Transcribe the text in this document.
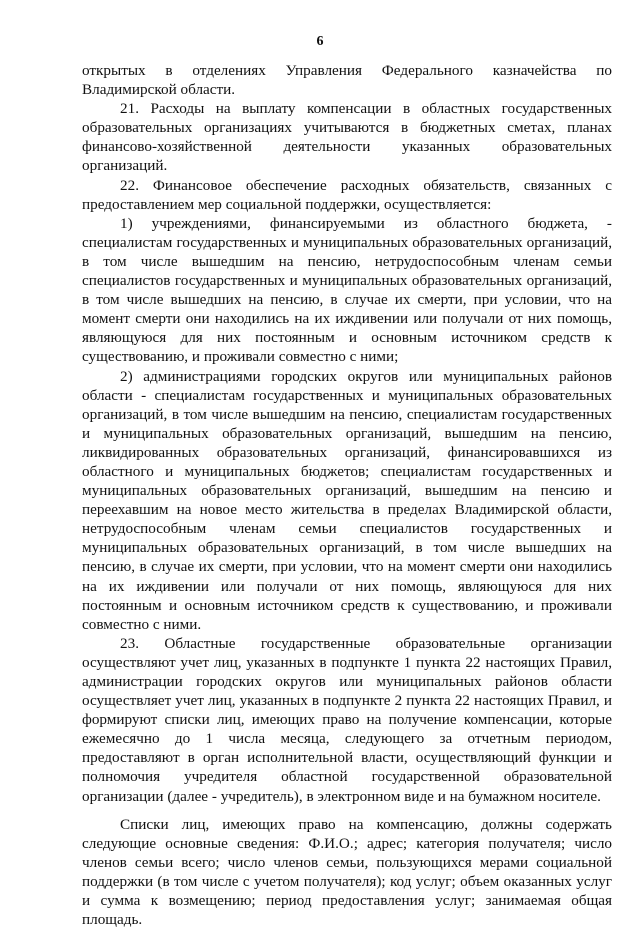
6

открытых в отделениях Управления Федерального казначейства по Владимирской области.

21. Расходы на выплату компенсации в областных государственных образовательных организациях учитываются в бюджетных сметах, планах финансово-хозяйственной деятельности указанных образовательных организаций.

22. Финансовое обеспечение расходных обязательств, связанных с предоставлением мер социальной поддержки, осуществляется:

1) учреждениями, финансируемыми из областного бюджета, - специалистам государственных и муниципальных образовательных организаций, в том числе вышедшим на пенсию, нетрудоспособным членам семьи специалистов государственных и муниципальных образовательных организаций, в том числе вышедших на пенсию, в случае их смерти, при условии, что на момент смерти они находились на их иждивении или получали от них помощь, являющуюся для них постоянным и основным источником средств к существованию, и проживали совместно с ними;

2) администрациями городских округов или муниципальных районов области - специалистам государственных и муниципальных образовательных организаций, в том числе вышедшим на пенсию, специалистам государственных и муниципальных образовательных организаций, вышедшим на пенсию, ликвидированных образовательных организаций, финансировавшихся из областного и муниципальных бюджетов; специалистам государственных и муниципальных образовательных организаций, вышедшим на пенсию и переехавшим на новое место жительства в пределах Владимирской области, нетрудоспособным членам семьи специалистов государственных и муниципальных образовательных организаций, в том числе вышедших на пенсию, в случае их смерти, при условии, что на момент смерти они находились на их иждивении или получали от них помощь, являющуюся для них постоянным и основным источником средств к существованию, и проживали совместно с ними.

23. Областные государственные образовательные организации осуществляют учет лиц, указанных в подпункте 1 пункта 22 настоящих Правил, администрации городских округов или муниципальных районов области осуществляет учет лиц, указанных в подпункте 2 пункта 22 настоящих Правил, и формируют списки лиц, имеющих право на получение компенсации, которые ежемесячно до 1 числа месяца, следующего за отчетным периодом, предоставляют в орган исполнительной власти, осуществляющий функции и полномочия учредителя областной государственной образовательной организации (далее - учредитель), в электронном виде и на бумажном носителе.

Списки лиц, имеющих право на компенсацию, должны содержать следующие основные сведения: Ф.И.О.; адрес; категория получателя; число членов семьи всего; число членов семьи, пользующихся мерами социальной поддержки (в том числе с учетом получателя); код услуг; объем оказанных услуг и сумма к возмещению; период предоставления услуг; занимаемая общая площадь.
